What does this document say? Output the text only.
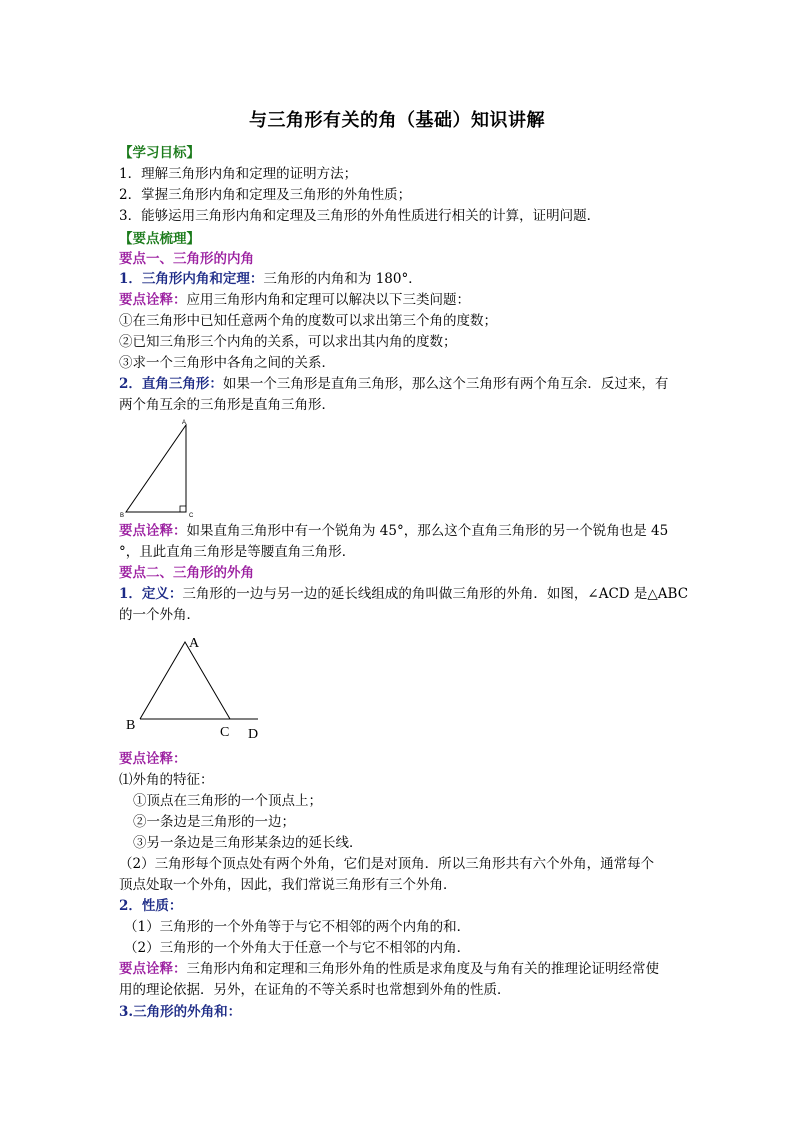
与三角形有关的角（基础）知识讲解
【学习目标】
1．理解三角形内角和定理的证明方法；
2．掌握三角形内角和定理及三角形的外角性质；
3．能够运用三角形内角和定理及三角形的外角性质进行相关的计算，证明问题．
【要点梳理】
要点一、三角形的内角
1．三角形内角和定理：三角形的内角和为 180°．
要点诠释：应用三角形内角和定理可以解决以下三类问题：
①在三角形中已知任意两个角的度数可以求出第三个角的度数；
②已知三角形三个内角的关系，可以求出其内角的度数；
③求一个三角形中各角之间的关系．
2．直角三角形：如果一个三角形是直角三角形，那么这个三角形有两个角互余．反过来，有
两个角互余的三角形是直角三角形．
A
B	C
要点诠释：如果直角三角形中有一个锐角为 45°，那么这个直角三角形的另一个锐角也是 45
°，且此直角三角形是等腰直角三角形．
要点二、三角形的外角
1．定义：三角形的一边与另一边的延长线组成的角叫做三角形的外角．如图，∠ACD 是△ABC
的一个外角．
A
B	C D
要点诠释：
⑴外角的特征：
①顶点在三角形的一个顶点上；
②一条边是三角形的一边；
③另一条边是三角形某条边的延长线．
（2）三角形每个顶点处有两个外角，它们是对顶角．所以三角形共有六个外角，通常每个
顶点处取一个外角，因此，我们常说三角形有三个外角．
2．性质：
（1）三角形的一个外角等于与它不相邻的两个内角的和．
（2）三角形的一个外角大于任意一个与它不相邻的内角．
要点诠释：三角形内角和定理和三角形外角的性质是求角度及与角有关的推理论证明经常使
用的理论依据．另外，在证角的不等关系时也常想到外角的性质．
3.三角形的外角和：
